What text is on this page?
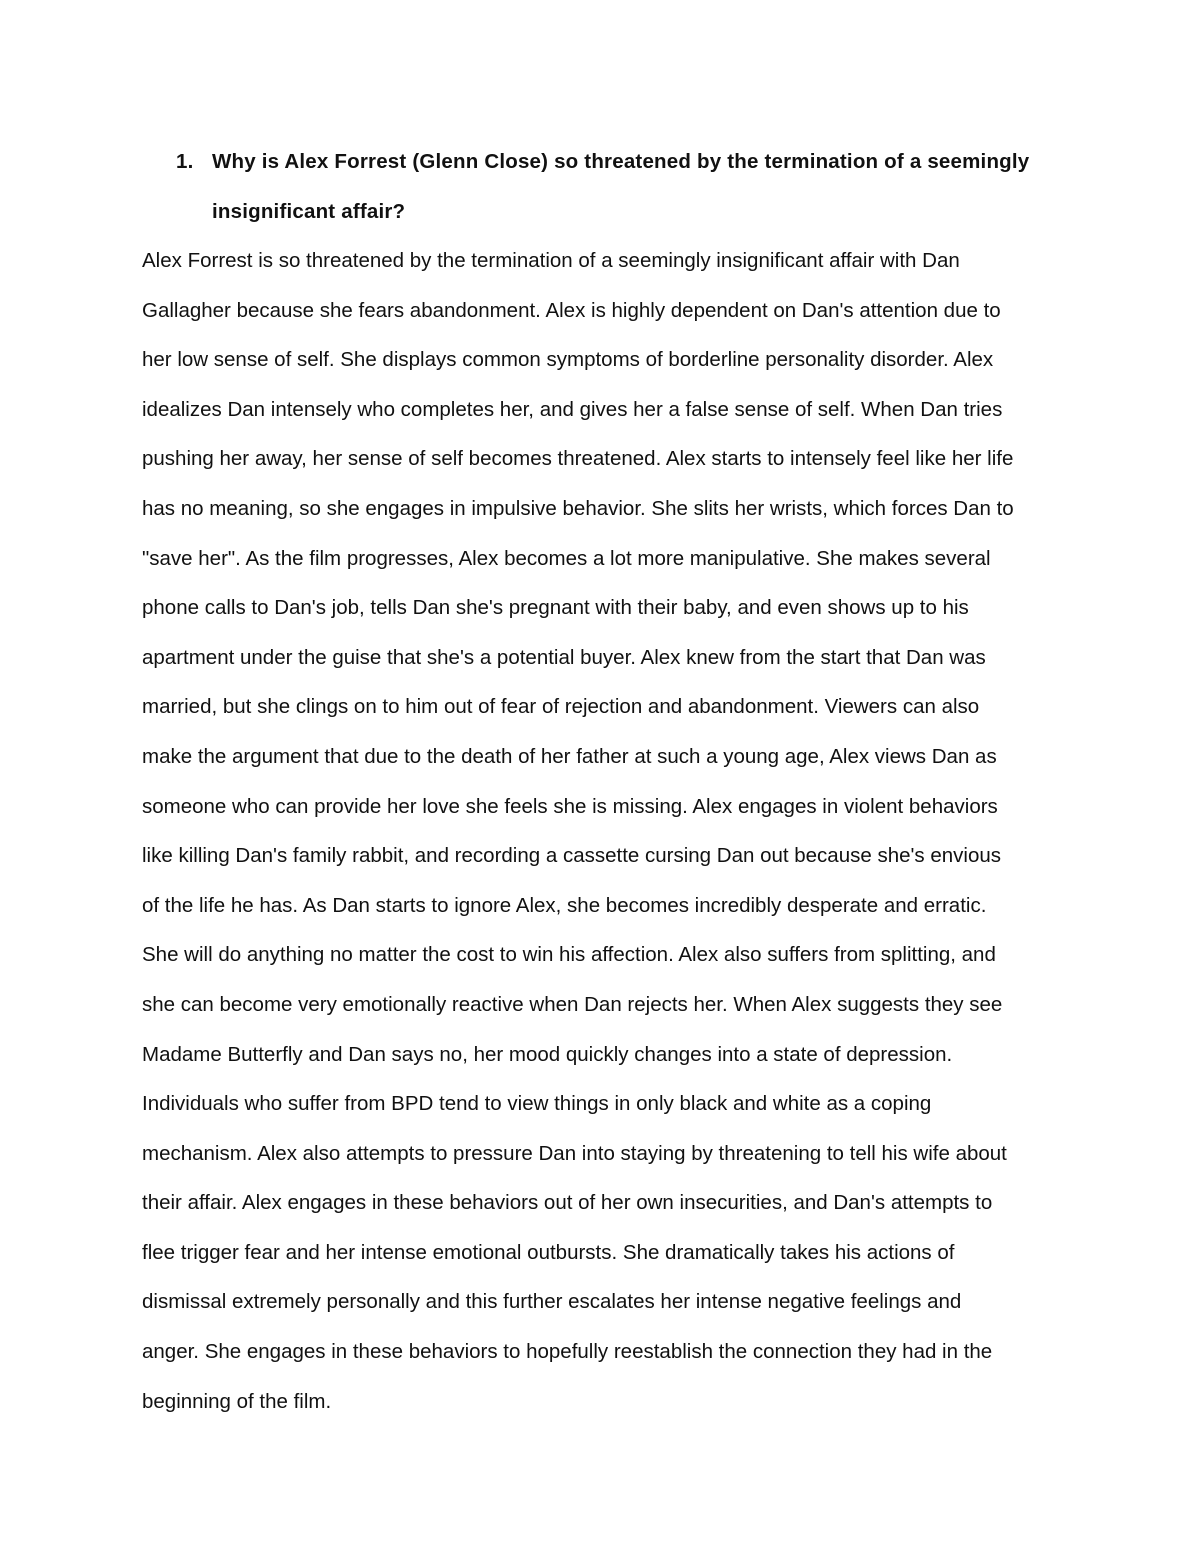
1. Why is Alex Forrest (Glenn Close) so threatened by the termination of a seemingly
insignificant affair?
Alex Forrest is so threatened by the termination of a seemingly insignificant affair with Dan
Gallagher because she fears abandonment. Alex is highly dependent on Dan's attention due to
her low sense of self. She displays common symptoms of borderline personality disorder. Alex
idealizes Dan intensely who completes her, and gives her a false sense of self. When Dan tries
pushing her away, her sense of self becomes threatened. Alex starts to intensely feel like her life
has no meaning, so she engages in impulsive behavior. She slits her wrists, which forces Dan to
"save her". As the film progresses, Alex becomes a lot more manipulative. She makes several
phone calls to Dan's job, tells Dan she's pregnant with their baby, and even shows up to his
apartment under the guise that she's a potential buyer. Alex knew from the start that Dan was
married, but she clings on to him out of fear of rejection and abandonment. Viewers can also
make the argument that due to the death of her father at such a young age, Alex views Dan as
someone who can provide her love she feels she is missing. Alex engages in violent behaviors
like killing Dan's family rabbit, and recording a cassette cursing Dan out because she's envious
of the life he has. As Dan starts to ignore Alex, she becomes incredibly desperate and erratic.
She will do anything no matter the cost to win his affection. Alex also suffers from splitting, and
she can become very emotionally reactive when Dan rejects her. When Alex suggests they see
Madame Butterfly and Dan says no, her mood quickly changes into a state of depression.
Individuals who suffer from BPD tend to view things in only black and white as a coping
mechanism. Alex also attempts to pressure Dan into staying by threatening to tell his wife about
their affair. Alex engages in these behaviors out of her own insecurities, and Dan's attempts to
flee trigger fear and her intense emotional outbursts. She dramatically takes his actions of
dismissal extremely personally and this further escalates her intense negative feelings and
anger. She engages in these behaviors to hopefully reestablish the connection they had in the
beginning of the film.
